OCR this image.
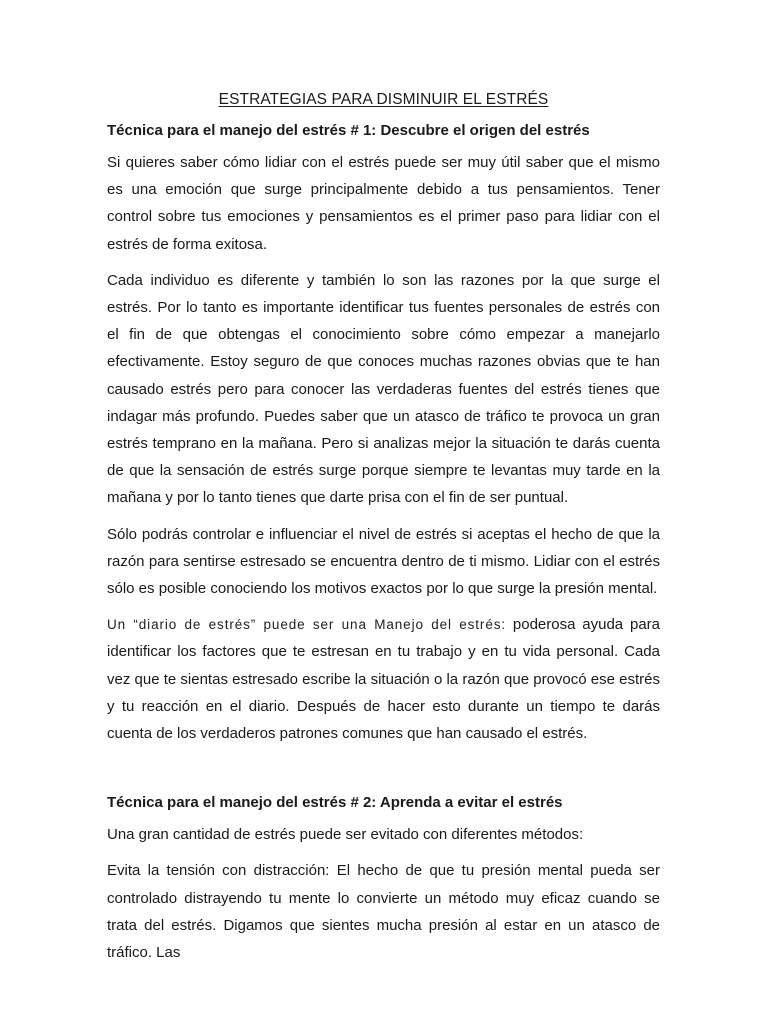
ESTRATEGIAS PARA DISMINUIR EL ESTRÉS
Técnica para el manejo del estrés # 1: Descubre el origen del estrés

Si quieres saber cómo lidiar con el estrés puede ser muy útil saber que el mismo es una emoción que surge principalmente debido a tus pensamientos. Tener control sobre tus emociones y pensamientos es el primer paso para lidiar con el estrés de forma exitosa.

Cada individuo es diferente y también lo son las razones por la que surge el estrés. Por lo tanto es importante identificar tus fuentes personales de estrés con el fin de que obtengas el conocimiento sobre cómo empezar a manejarlo efectivamente. Estoy seguro de que conoces muchas razones obvias que te han causado estrés pero para conocer las verdaderas fuentes del estrés tienes que indagar más profundo. Puedes saber que un atasco de tráfico te provoca un gran estrés temprano en la mañana. Pero si analizas mejor la situación te darás cuenta de que la sensación de estrés surge porque siempre te levantas muy tarde en la mañana y por lo tanto tienes que darte prisa con el fin de ser puntual.

Sólo podrás controlar e influenciar el nivel de estrés si aceptas el hecho de que la razón para sentirse estresado se encuentra dentro de ti mismo. Lidiar con el estrés sólo es posible conociendo los motivos exactos por lo que surge la presión mental.

Un “diario de estrés” puede ser una Manejo del estrés: poderosa ayuda para identificar los factores que te estresan en tu trabajo y en tu vida personal. Cada vez que te sientas estresado escribe la situación o la razón que provocó ese estrés y tu reacción en el diario. Después de hacer esto durante un tiempo te darás cuenta de los verdaderos patrones comunes que han causado el estrés.

Técnica para el manejo del estrés # 2: Aprenda a evitar el estrés

Una gran cantidad de estrés puede ser evitado con diferentes métodos:

Evita la tensión con distracción: El hecho de que tu presión mental pueda ser controlado distrayendo tu mente lo convierte un método muy eficaz cuando se trata del estrés. Digamos que sientes mucha presión al estar en un atasco de tráfico. Las
